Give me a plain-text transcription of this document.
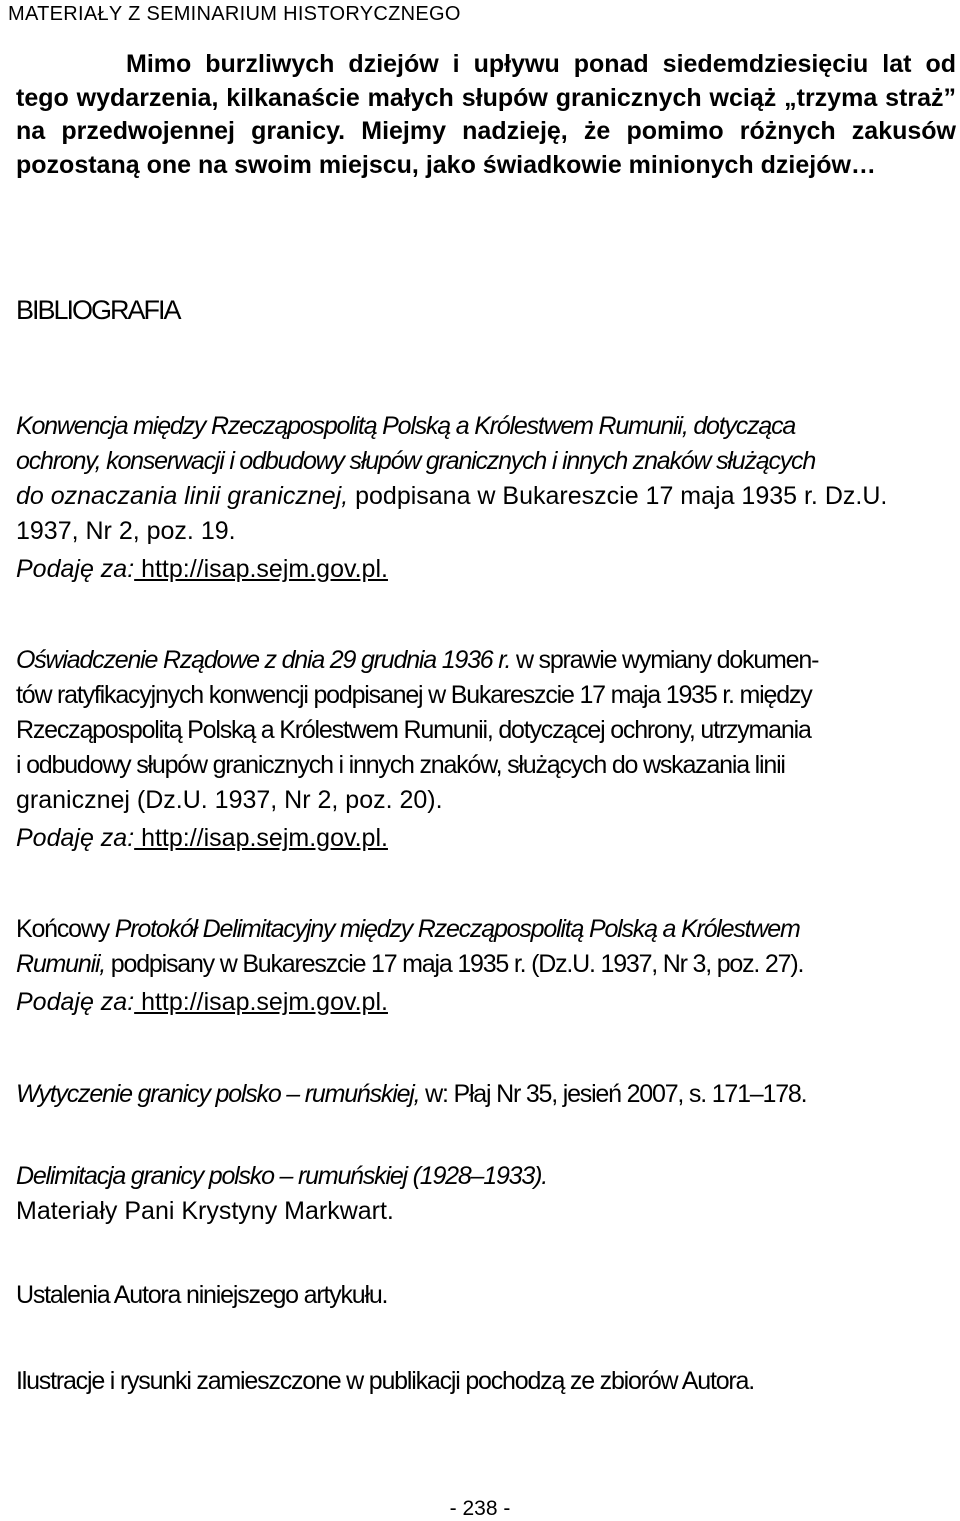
MATERIAŁY Z SEMINARIUM HISTORYCZNEGO
Mimo burzliwych dziejów i upływu ponad siedemdziesięciu lat od tego wydarzenia, kilkanaście małych słupów granicznych wciąż „trzyma straż” na przedwojennej granicy. Miejmy nadzieję, że pomimo różnych zakusów pozostaną one na swoim miejscu, jako świadkowie minionych dziejów…
BIBLIOGRAFIA
Konwencja między Rzecząpospolitą Polską a Królestwem Rumunii, dotycząca
ochrony, konserwacji i odbudowy słupów granicznych i innych znaków służących
do oznaczania linii granicznej, podpisana w Bukareszcie 17 maja 1935 r. Dz.U.
1937, Nr 2, poz. 19.
Podaję za: http://isap.sejm.gov.pl.
Oświadczenie Rządowe z dnia 29 grudnia 1936 r. w sprawie wymiany dokumen-
tów ratyfikacyjnych konwencji podpisanej w Bukareszcie 17 maja 1935 r. między
Rzecząpospolitą Polską a Królestwem Rumunii, dotyczącej ochrony, utrzymania
i odbudowy słupów granicznych i innych znaków, służących do wskazania linii
granicznej (Dz.U. 1937, Nr 2, poz. 20).
Podaję za: http://isap.sejm.gov.pl.
Końcowy Protokół Delimitacyjny między Rzecząpospolitą Polską a Królestwem
Rumunii, podpisany w Bukareszcie 17 maja 1935 r. (Dz.U. 1937, Nr 3, poz. 27).
Podaję za: http://isap.sejm.gov.pl.
Wytyczenie granicy polsko – rumuńskiej, w: Płaj Nr 35, jesień 2007, s. 171–178.
Delimitacja granicy polsko – rumuńskiej (1928–1933).
Materiały Pani Krystyny Markwart.
Ustalenia Autora niniejszego artykułu.
Ilustracje i rysunki zamieszczone w publikacji pochodzą ze zbiorów Autora.
- 238 -
